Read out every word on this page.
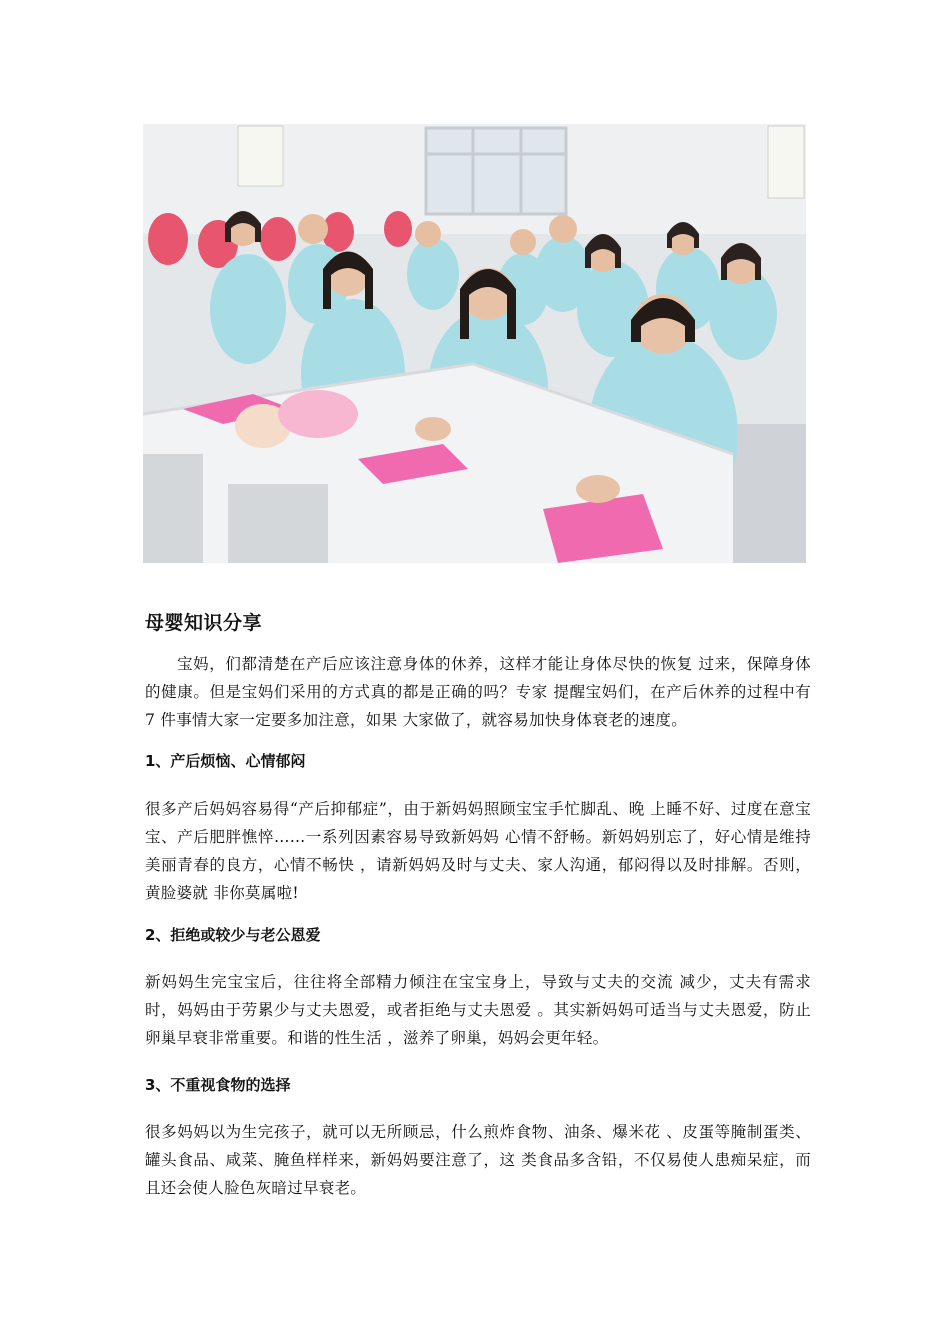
母婴知识分享
宝妈，们都清楚在产后应该注意身体的休养，这样才能让身体尽快的恢复 过来，保障身体的健康。但是宝妈们采用的方式真的都是正确的吗？专家 提醒宝妈们，在产后休养的过程中有 7 件事情大家一定要多加注意，如果 大家做了，就容易加快身体衰老的速度。
1、产后烦恼、心情郁闷
很多产后妈妈容易得“产后抑郁症”，由于新妈妈照顾宝宝手忙脚乱、晚 上睡不好、过度在意宝宝、产后肥胖憔悴……一系列因素容易导致新妈妈 心情不舒畅。新妈妈别忘了，好心情是维持美丽青春的良方，心情不畅快 ，请新妈妈及时与丈夫、家人沟通，郁闷得以及时排解。否则，黄脸婆就 非你莫属啦!
2、拒绝或较少与老公恩爱
新妈妈生完宝宝后，往往将全部精力倾注在宝宝身上，导致与丈夫的交流 减少，丈夫有需求时，妈妈由于劳累少与丈夫恩爱，或者拒绝与丈夫恩爱 。其实新妈妈可适当与丈夫恩爱，防止卵巢早衰非常重要。和谐的性生活 ，滋养了卵巢，妈妈会更年轻。
3、不重视食物的选择
很多妈妈以为生完孩子，就可以无所顾忌，什么煎炸食物、油条、爆米花 、皮蛋等腌制蛋类、罐头食品、咸菜、腌鱼样样来，新妈妈要注意了，这 类食品多含铅，不仅易使人患痴呆症，而且还会使人脸色灰暗过早衰老。
